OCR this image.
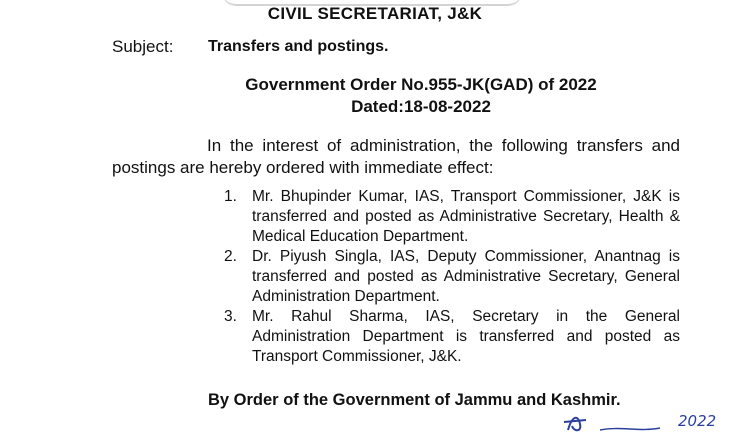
CIVIL SECRETARIAT, J&K
Subject: Transfers and postings.
Government Order No.955-JK(GAD) of 2022
Dated:18-08-2022
In the interest of administration, the following transfers and postings are hereby ordered with immediate effect:
1. Mr. Bhupinder Kumar, IAS, Transport Commissioner, J&K is transferred and posted as Administrative Secretary, Health & Medical Education Department.
2. Dr. Piyush Singla, IAS, Deputy Commissioner, Anantnag is transferred and posted as Administrative Secretary, General Administration Department.
3. Mr. Rahul Sharma, IAS, Secretary in the General Administration Department is transferred and posted as Transport Commissioner, J&K.
By Order of the Government of Jammu and Kashmir.
2022
